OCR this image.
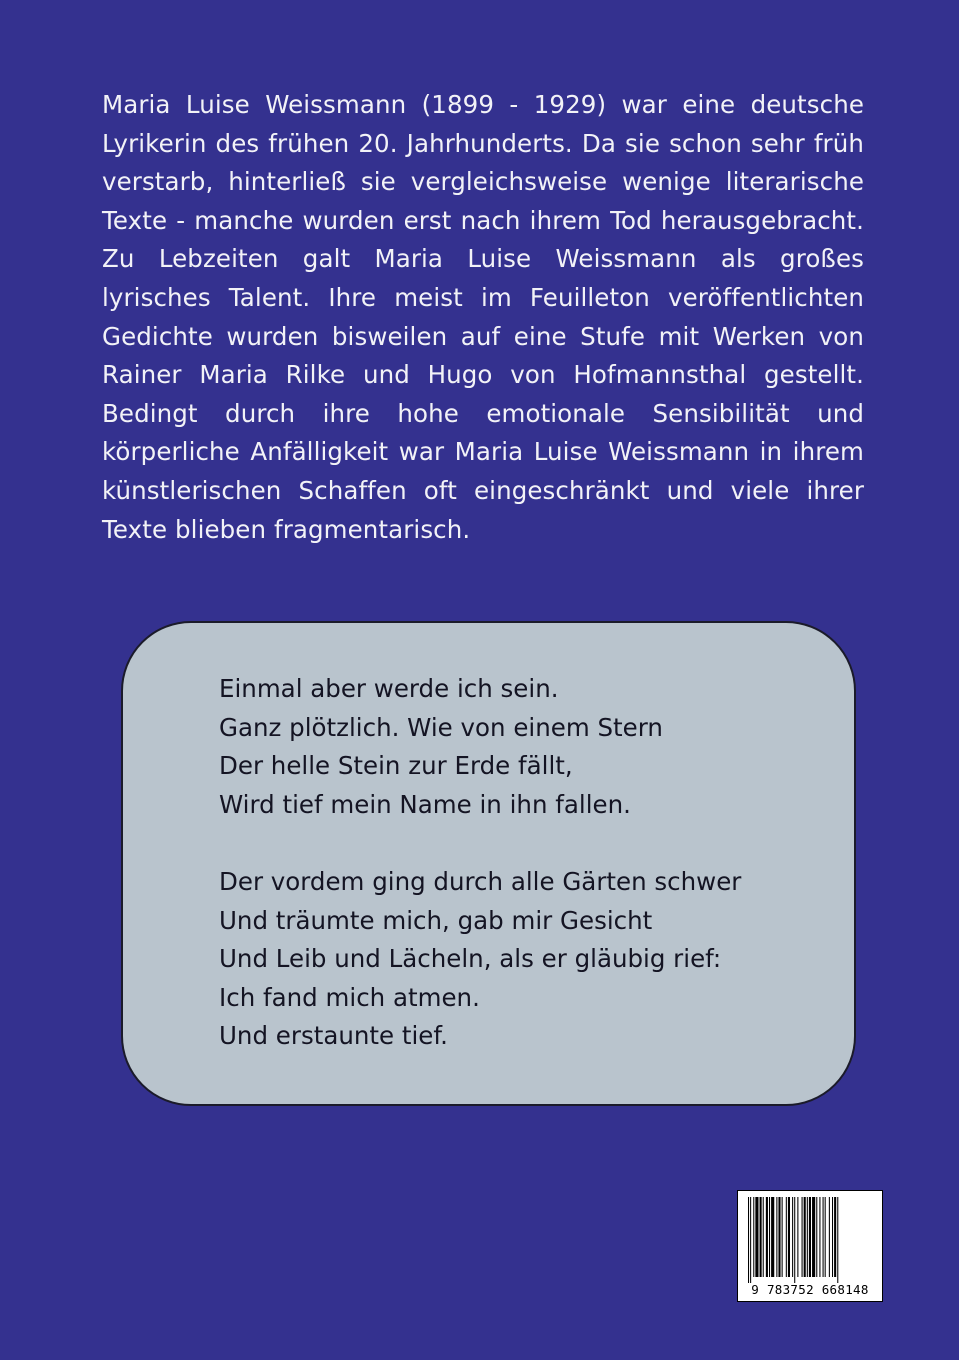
Maria Luise Weissmann (1899 - 1929) war eine deutsche Lyrikerin des frühen 20. Jahrhunderts. Da sie schon sehr früh verstarb, hinterließ sie vergleichsweise wenige literarische Texte - manche wurden erst nach ihrem Tod herausgebracht. Zu Lebzeiten galt Maria Luise Weissmann als großes lyrisches Talent. Ihre meist im Feuilleton veröffentlichten Gedichte wurden bisweilen auf eine Stufe mit Werken von Rainer Maria Rilke und Hugo von Hofmannsthal gestellt. Bedingt durch ihre hohe emotionale Sensibilität und körperliche Anfälligkeit war Maria Luise Weissmann in ihrem künstlerischen Schaffen oft eingeschränkt und viele ihrer Texte blieben fragmentarisch.

Einmal aber werde ich sein.
Ganz plötzlich. Wie von einem Stern
Der helle Stein zur Erde fällt,
Wird tief mein Name in ihn fallen.

Der vordem ging durch alle Gärten schwer
Und träumte mich, gab mir Gesicht
Und Leib und Lächeln, als er gläubig rief:
Ich fand mich atmen.
Und erstaunte tief.

9 783752 668148
